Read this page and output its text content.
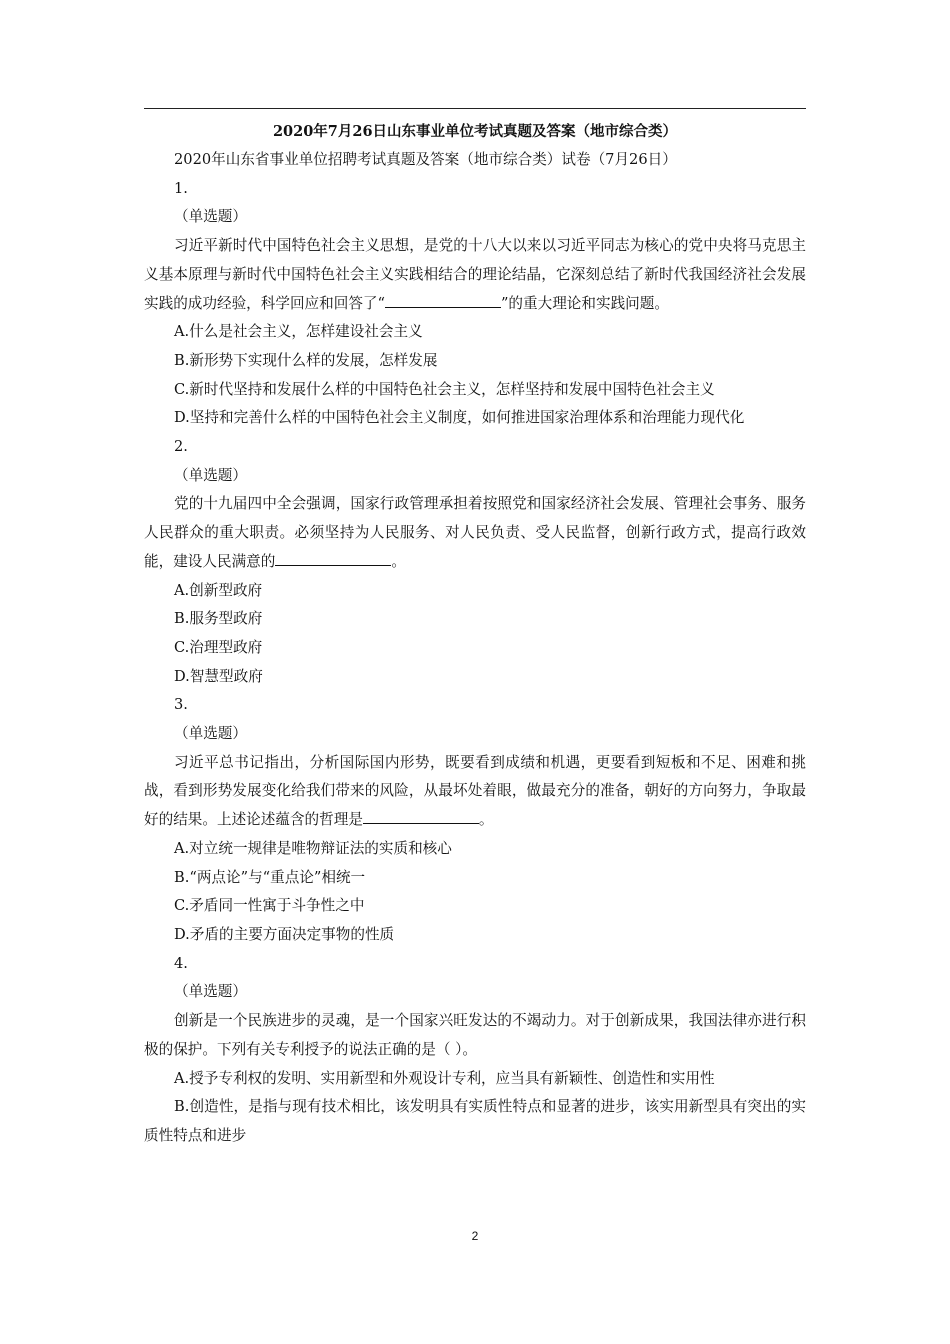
2020年7月26日山东事业单位考试真题及答案（地市综合类）

2020年山东省事业单位招聘考试真题及答案（地市综合类）试卷（7月26日）

1.

（单选题）

习近平新时代中国特色社会主义思想，是党的十八大以来以习近平同志为核心的党中央将马克思主义基本原理与新时代中国特色社会主义实践相结合的理论结晶，它深刻总结了新时代我国经济社会发展实践的成功经验，科学回应和回答了“	”的重大理论和实践问题。

A.什么是社会主义，怎样建设社会主义

B.新形势下实现什么样的发展，怎样发展

C.新时代坚持和发展什么样的中国特色社会主义，怎样坚持和发展中国特色社会主义

D.坚持和完善什么样的中国特色社会主义制度，如何推进国家治理体系和治理能力现代化

2.

（单选题）

党的十九届四中全会强调，国家行政管理承担着按照党和国家经济社会发展、管理社会事务、服务人民群众的重大职责。必须坚持为人民服务、对人民负责、受人民监督，创新行政方式，提高行政效能，建设人民满意的	。

A.创新型政府

B.服务型政府

C.治理型政府

D.智慧型政府

3.

（单选题）

习近平总书记指出，分析国际国内形势，既要看到成绩和机遇，更要看到短板和不足、困难和挑战，看到形势发展变化给我们带来的风险，从最坏处着眼，做最充分的准备，朝好的方向努力，争取最好的结果。上述论述蕴含的哲理是	。

A.对立统一规律是唯物辩证法的实质和核心

B.“两点论”与“重点论”相统一

C.矛盾同一性寓于斗争性之中

D.矛盾的主要方面决定事物的性质

4.

（单选题）

创新是一个民族进步的灵魂，是一个国家兴旺发达的不竭动力。对于创新成果，我国法律亦进行积极的保护。下列有关专利授予的说法正确的是（ ）。

A.授予专利权的发明、实用新型和外观设计专利，应当具有新颖性、创造性和实用性

B.创造性，是指与现有技术相比，该发明具有实质性特点和显著的进步，该实用新型具有突出的实质性特点和进步

2
